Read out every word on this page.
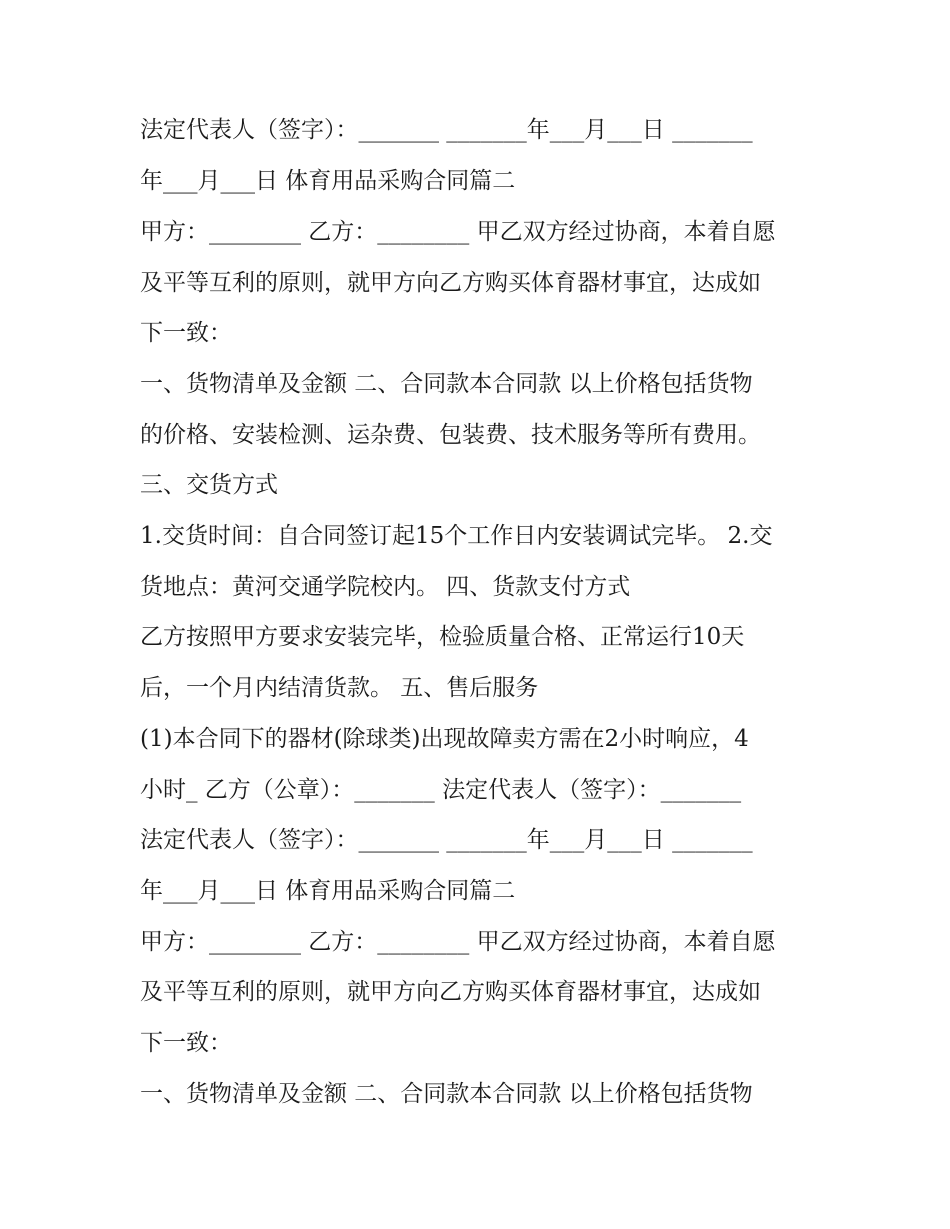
法定代表人（签字）：_______ _______年___月___日 _______
年___月___日 体育用品采购合同篇二
甲方：________ 乙方：________ 甲乙双方经过协商，本着自愿
及平等互利的原则，就甲方向乙方购买体育器材事宜，达成如
下一致：
一、货物清单及金额 二、合同款本合同款 以上价格包括货物
的价格、安装检测、运杂费、包装费、技术服务等所有费用。
三、交货方式
1.交货时间：自合同签订起15个工作日内安装调试完毕。 2.交
货地点：黄河交通学院校内。 四、货款支付方式
乙方按照甲方要求安装完毕，检验质量合格、正常运行10天
后，一个月内结清货款。 五、售后服务
(1)本合同下的器材(除球类)出现故障卖方需在2小时响应，4
小时_ 乙方（公章）：_______ 法定代表人（签字）：_______
法定代表人（签字）：_______ _______年___月___日 _______
年___月___日 体育用品采购合同篇二
甲方：________ 乙方：________ 甲乙双方经过协商，本着自愿
及平等互利的原则，就甲方向乙方购买体育器材事宜，达成如
下一致：
一、货物清单及金额 二、合同款本合同款 以上价格包括货物
